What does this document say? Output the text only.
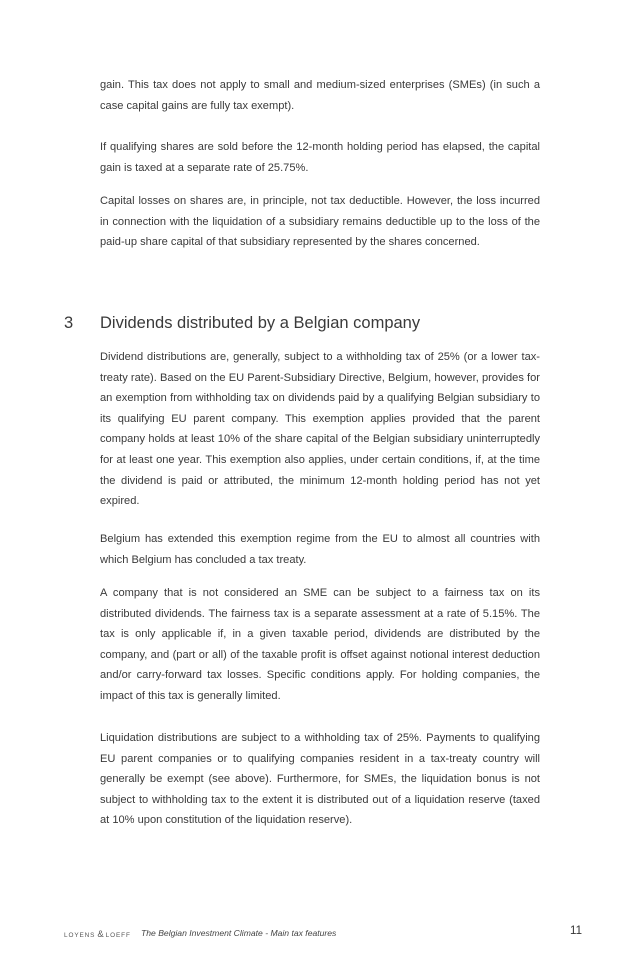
gain. This tax does not apply to small and medium-sized enterprises (SMEs) (in such a case capital gains are fully tax exempt).

If qualifying shares are sold before the 12-month holding period has elapsed, the capital gain is taxed at a separate rate of 25.75%.

Capital losses on shares are, in principle, not tax deductible. However, the loss incurred in connection with the liquidation of a subsidiary remains deductible up to the loss of the paid-up share capital of that subsidiary represented by the shares concerned.

3 Dividends distributed by a Belgian company

Dividend distributions are, generally, subject to a withholding tax of 25% (or a lower tax-treaty rate). Based on the EU Parent-Subsidiary Directive, Belgium, however, provides for an exemption from withholding tax on dividends paid by a qualifying Belgian subsidiary to its qualifying EU parent company. This exemption applies provided that the parent company holds at least 10% of the share capital of the Belgian subsidiary uninterruptedly for at least one year. This exemption also applies, under certain conditions, if, at the time the dividend is paid or attributed, the minimum 12-month holding period has not yet expired.

Belgium has extended this exemption regime from the EU to almost all countries with which Belgium has concluded a tax treaty.

A company that is not considered an SME can be subject to a fairness tax on its distributed dividends. The fairness tax is a separate assessment at a rate of 5.15%. The tax is only applicable if, in a given taxable period, dividends are distributed by the company, and (part or all) of the taxable profit is offset against notional interest deduction and/or carry-forward tax losses. Specific conditions apply. For holding companies, the impact of this tax is generally limited.

Liquidation distributions are subject to a withholding tax of 25%. Payments to qualifying EU parent companies or to qualifying companies resident in a tax-treaty country will generally be exempt (see above). Furthermore, for SMEs, the liquidation bonus is not subject to withholding tax to the extent it is distributed out of a liquidation reserve (taxed at 10% upon constitution of the liquidation reserve).

LOYENS & LOEFF The Belgian Investment Climate - Main tax features	11
